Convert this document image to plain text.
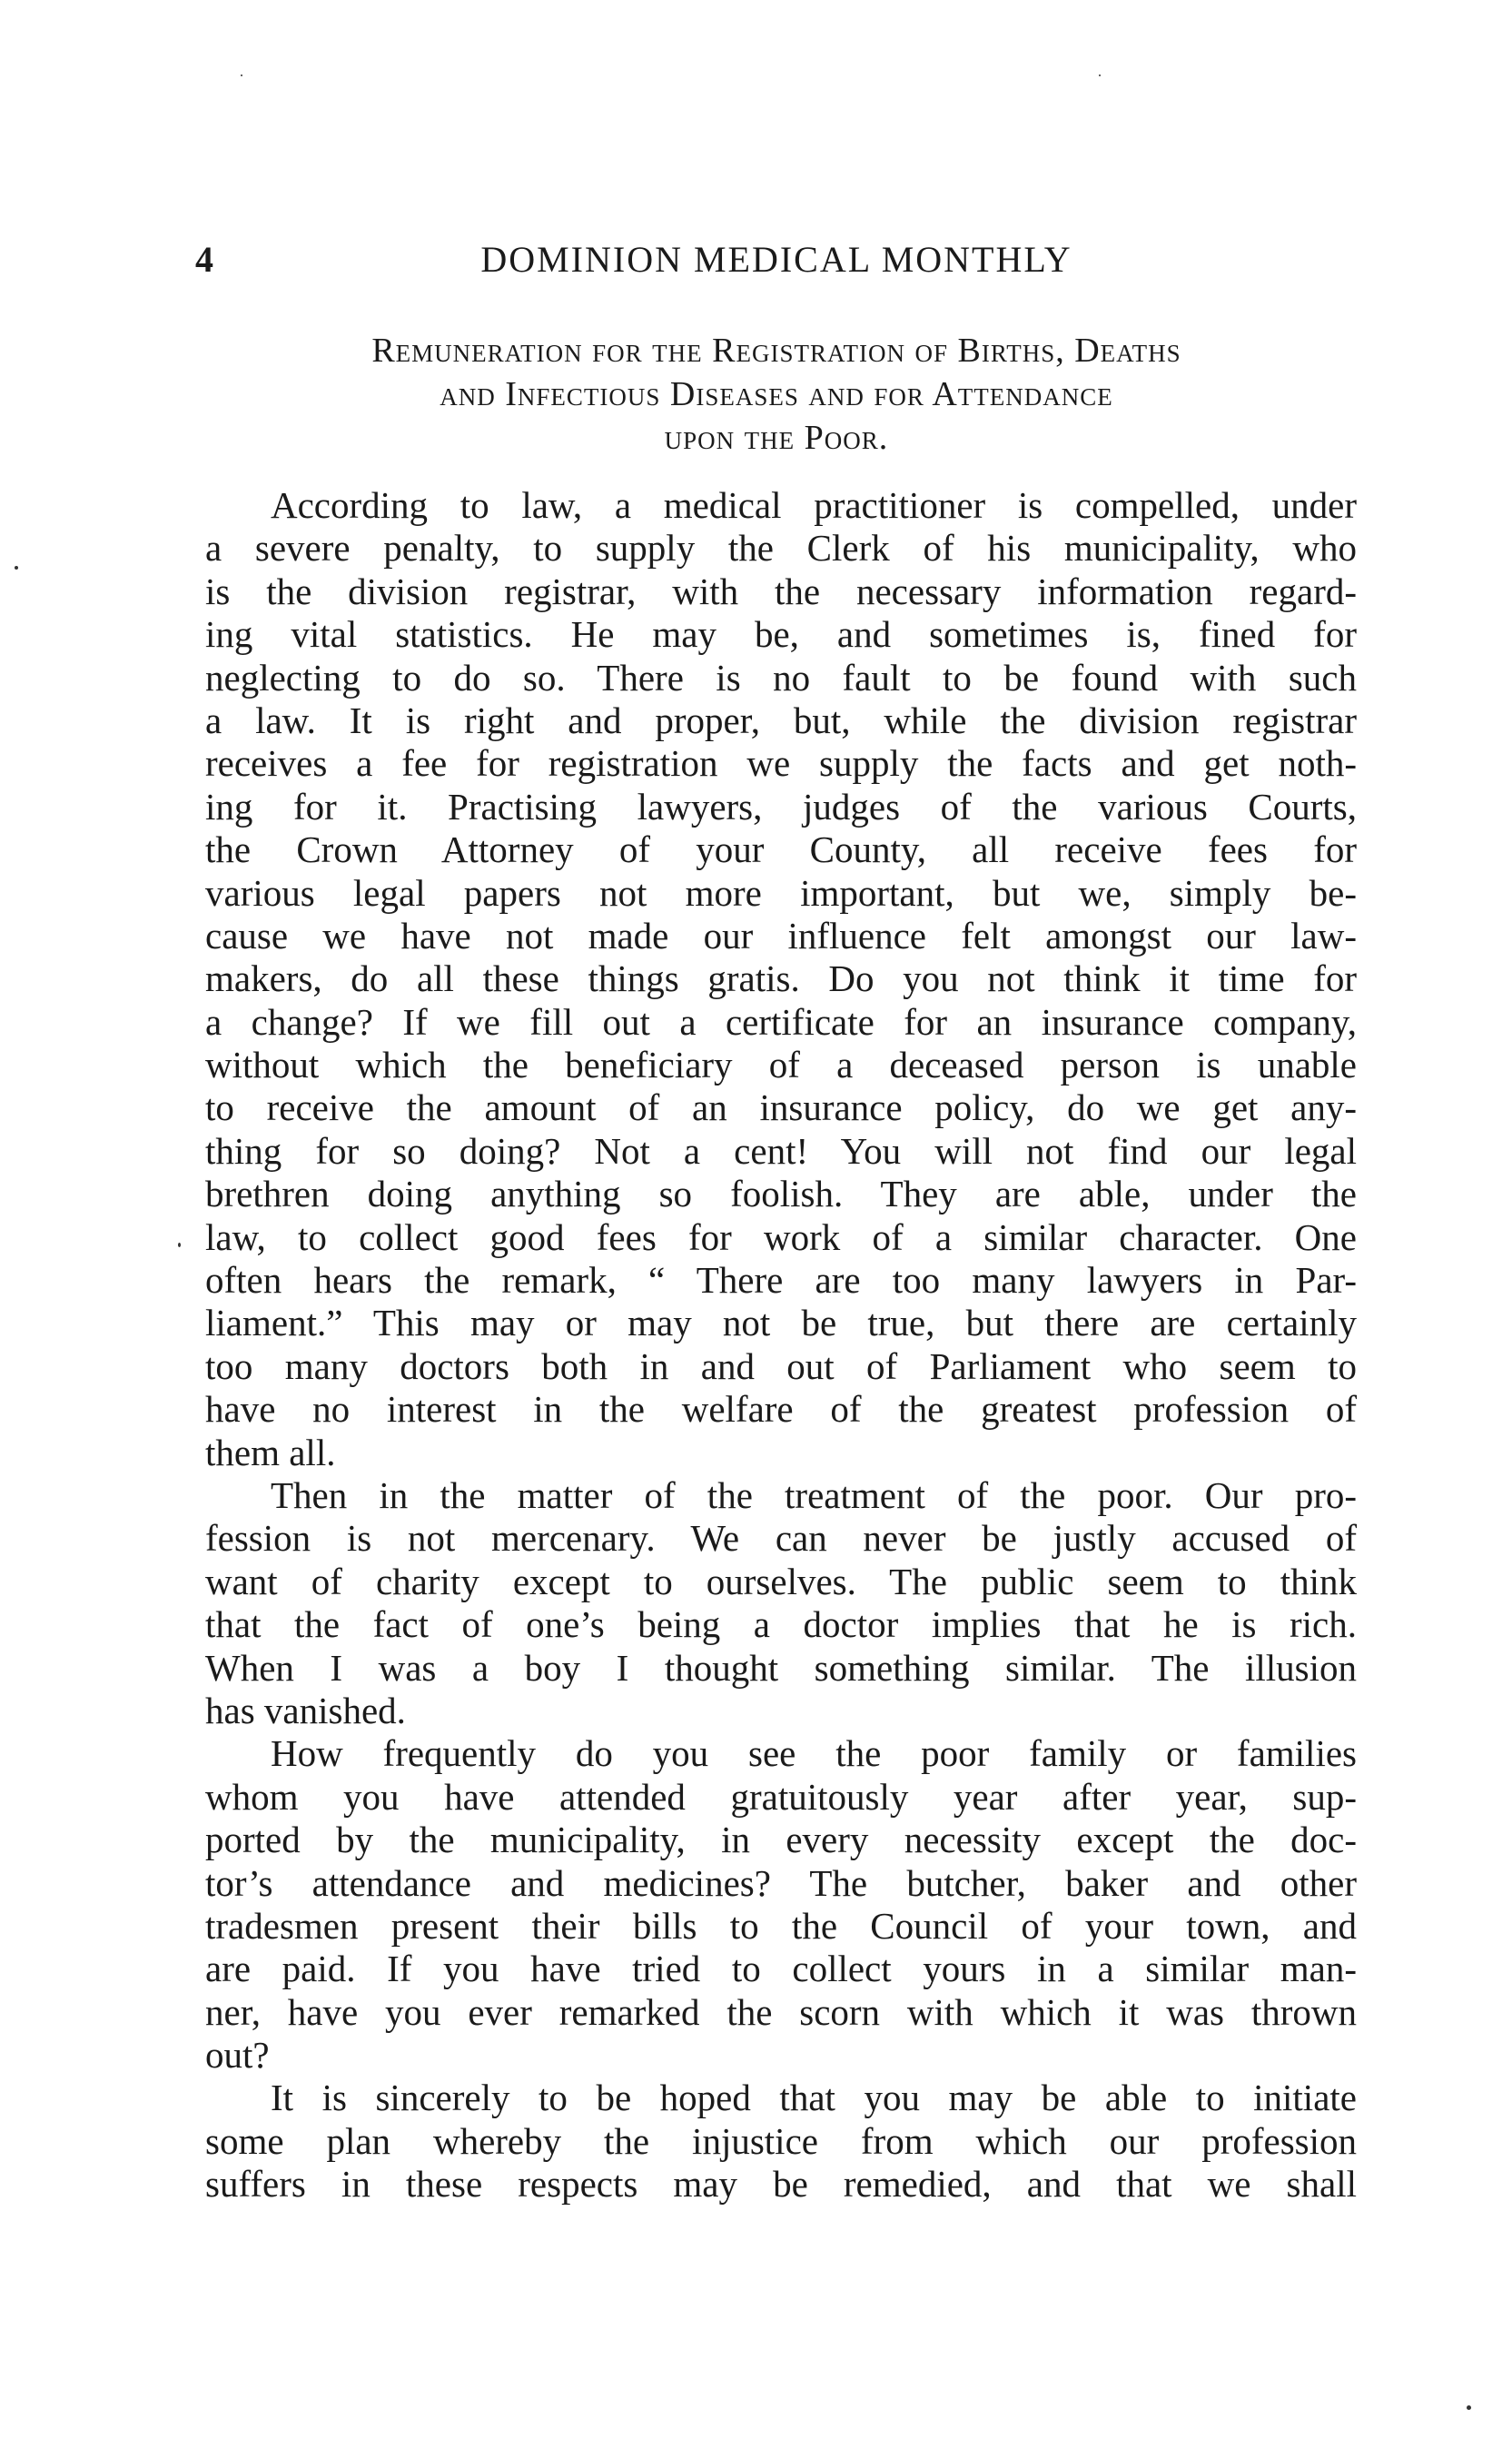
4	DOMINION MEDICAL MONTHLY
Remuneration for the Registration of Births, Deaths
and Infectious Diseases and for Attendance
upon the Poor.
According to law, a medical practitioner is compelled, under
a severe penalty, to supply the Clerk of his municipality, who
is the division registrar, with the necessary information regard-
ing vital statistics. He may be, and sometimes is, fined for
neglecting to do so. There is no fault to be found with such
a law. It is right and proper, but, while the division registrar
receives a fee for registration we supply the facts and get noth-
ing for it. Practising lawyers, judges of the various Courts,
the Crown Attorney of your County, all receive fees for
various legal papers not more important, but we, simply be-
cause we have not made our influence felt amongst our law-
makers, do all these things gratis. Do you not think it time for
a change? If we fill out a certificate for an insurance company,
without which the beneficiary of a deceased person is unable
to receive the amount of an insurance policy, do we get any-
thing for so doing? Not a cent! You will not find our legal
brethren doing anything so foolish. They are able, under the
law, to collect good fees for work of a similar character. One
often hears the remark, “ There are too many lawyers in Par-
liament.” This may or may not be true, but there are certainly
too many doctors both in and out of Parliament who seem to
have no interest in the welfare of the greatest profession of
them all.
Then in the matter of the treatment of the poor. Our pro-
fession is not mercenary. We can never be justly accused of
want of charity except to ourselves. The public seem to think
that the fact of one’s being a doctor implies that he is rich.
When I was a boy I thought something similar. The illusion
has vanished.
How frequently do you see the poor family or families
whom you have attended gratuitously year after year, sup-
ported by the municipality, in every necessity except the doc-
tor’s attendance and medicines? The butcher, baker and other
tradesmen present their bills to the Council of your town, and
are paid. If you have tried to collect yours in a similar man-
ner, have you ever remarked the scorn with which it was thrown
out?
It is sincerely to be hoped that you may be able to initiate
some plan whereby the injustice from which our profession
suffers in these respects may be remedied, and that we shall
